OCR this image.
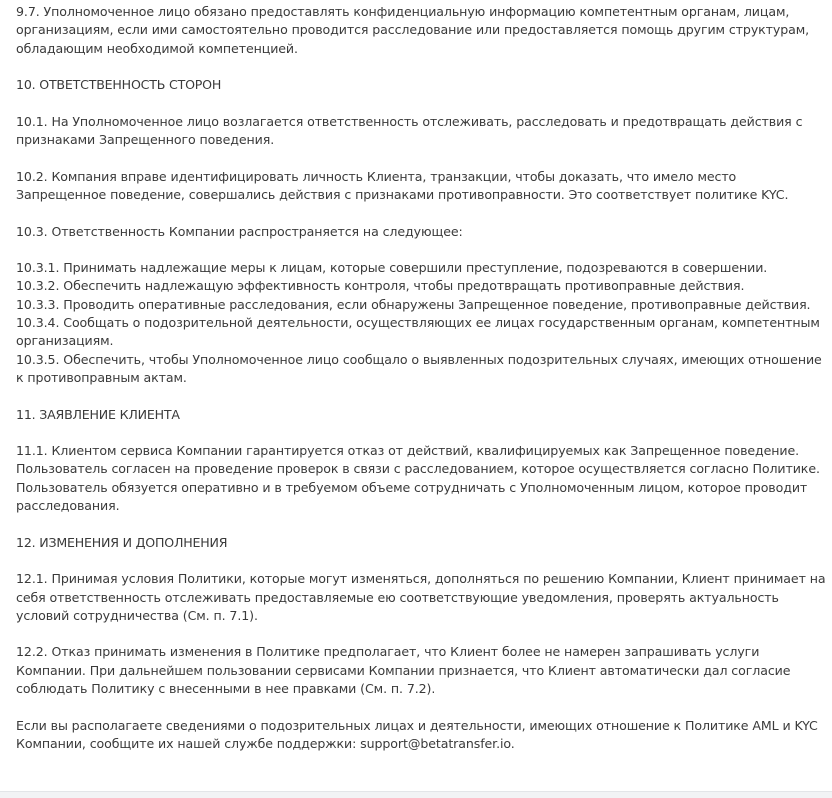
9.7. Уполномоченное лицо обязано предоставлять конфиденциальную информацию компетентным органам, лицам, организациям, если ими самостоятельно проводится расследование или предоставляется помощь другим структурам, обладающим необходимой компетенцией.

10. ОТВЕТСТВЕННОСТЬ СТОРОН

10.1. На Уполномоченное лицо возлагается ответственность отслеживать, расследовать и предотвращать действия с признаками Запрещенного поведения.

10.2. Компания вправе идентифицировать личность Клиента, транзакции, чтобы доказать, что имело место Запрещенное поведение, совершались действия с признаками противоправности. Это соответствует политике KYC.

10.3. Ответственность Компании распространяется на следующее:

10.3.1. Принимать надлежащие меры к лицам, которые совершили преступление, подозреваются в совершении.
10.3.2. Обеспечить надлежащую эффективность контроля, чтобы предотвращать противоправные действия.
10.3.3. Проводить оперативные расследования, если обнаружены Запрещенное поведение, противоправные действия.
10.3.4. Сообщать о подозрительной деятельности, осуществляющих ее лицах государственным органам, компетентным организациям.
10.3.5. Обеспечить, чтобы Уполномоченное лицо сообщало о выявленных подозрительных случаях, имеющих отношение к противоправным актам.

11. ЗАЯВЛЕНИЕ КЛИЕНТА

11.1. Клиентом сервиса Компании гарантируется отказ от действий, квалифицируемых как Запрещенное поведение. Пользователь согласен на проведение проверок в связи с расследованием, которое осуществляется согласно Политике. Пользователь обязуется оперативно и в требуемом объеме сотрудничать с Уполномоченным лицом, которое проводит расследования.

12. ИЗМЕНЕНИЯ И ДОПОЛНЕНИЯ

12.1. Принимая условия Политики, которые могут изменяться, дополняться по решению Компании, Клиент принимает на себя ответственность отслеживать предоставляемые ею соответствующие уведомления, проверять актуальность условий сотрудничества (См. п. 7.1).

12.2. Отказ принимать изменения в Политике предполагает, что Клиент более не намерен запрашивать услуги Компании. При дальнейшем пользовании сервисами Компании признается, что Клиент автоматически дал согласие соблюдать Политику с внесенными в нее правками (См. п. 7.2).

Если вы располагаете сведениями о подозрительных лицах и деятельности, имеющих отношение к Политике AML и KYC Компании, сообщите их нашей службе поддержки: support@betatransfer.io.
